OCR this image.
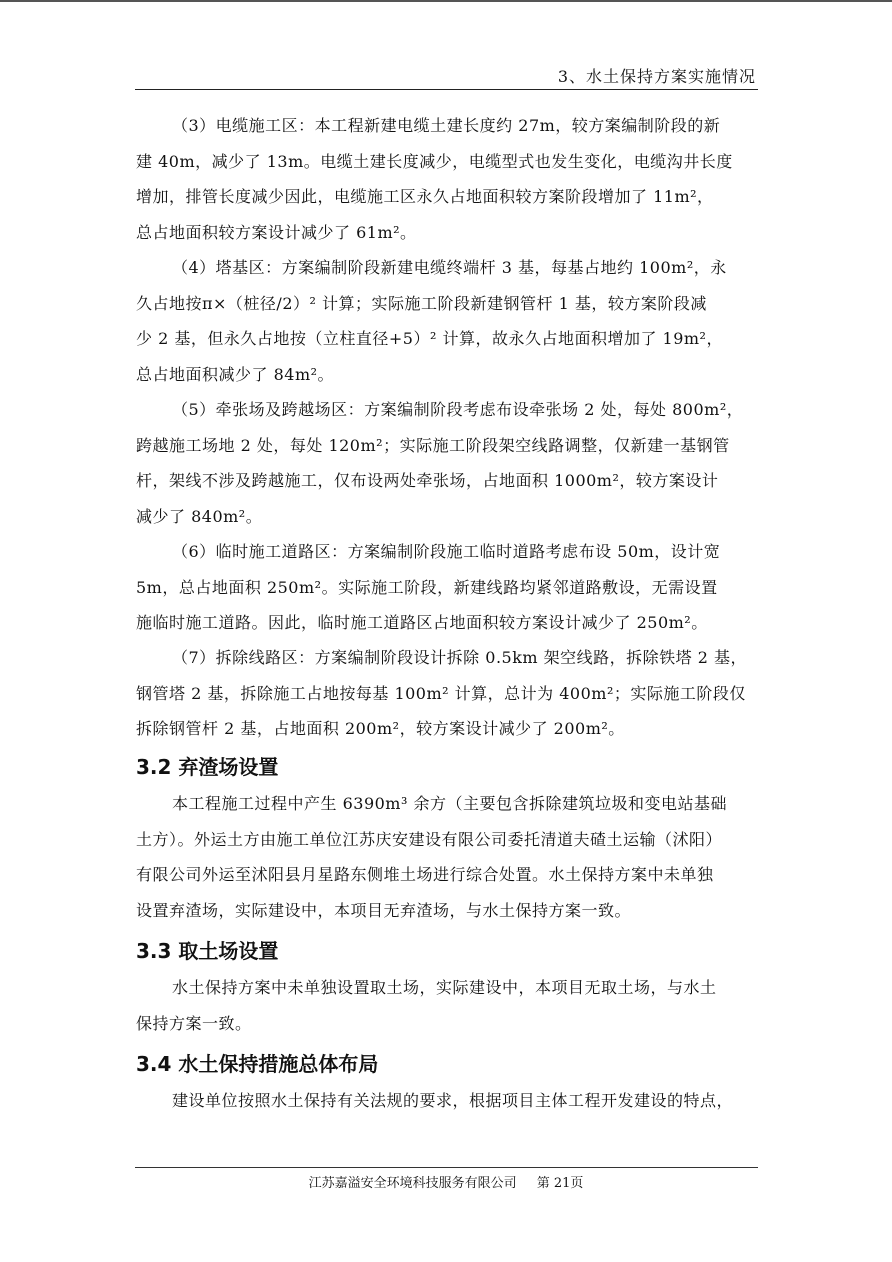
3、水土保持方案实施情况
（3）电缆施工区：本工程新建电缆土建长度约 27m，较方案编制阶段的新
建 40m，减少了 13m。电缆土建长度减少，电缆型式也发生变化，电缆沟井长度
增加，排管长度减少因此，电缆施工区永久占地面积较方案阶段增加了 11m²，
总占地面积较方案设计减少了 61m²。
（4）塔基区：方案编制阶段新建电缆终端杆 3 基，每基占地约 100m²，永
久占地按π×（桩径/2）² 计算；实际施工阶段新建钢管杆 1 基，较方案阶段减
少 2 基，但永久占地按（立柱直径+5）² 计算，故永久占地面积增加了 19m²，
总占地面积减少了 84m²。
（5）牵张场及跨越场区：方案编制阶段考虑布设牵张场 2 处，每处 800m²，
跨越施工场地 2 处，每处 120m²；实际施工阶段架空线路调整，仅新建一基钢管
杆，架线不涉及跨越施工，仅布设两处牵张场，占地面积 1000m²，较方案设计
减少了 840m²。
（6）临时施工道路区：方案编制阶段施工临时道路考虑布设 50m，设计宽
5m，总占地面积 250m²。实际施工阶段，新建线路均紧邻道路敷设，无需设置
施临时施工道路。因此，临时施工道路区占地面积较方案设计减少了 250m²。
（7）拆除线路区：方案编制阶段设计拆除 0.5km 架空线路，拆除铁塔 2 基，
钢管塔 2 基，拆除施工占地按每基 100m² 计算，总计为 400m²；实际施工阶段仅
拆除钢管杆 2 基，占地面积 200m²，较方案设计减少了 200m²。
3.2 弃渣场设置
本工程施工过程中产生 6390m³ 余方（主要包含拆除建筑垃圾和变电站基础
土方）。外运土方由施工单位江苏庆安建设有限公司委托清道夫碴土运输（沭阳）
有限公司外运至沭阳县月星路东侧堆土场进行综合处置。水土保持方案中未单独
设置弃渣场，实际建设中，本项目无弃渣场，与水土保持方案一致。
3.3 取土场设置
水土保持方案中未单独设置取土场，实际建设中，本项目无取土场，与水土
保持方案一致。
3.4 水土保持措施总体布局
建设单位按照水土保持有关法规的要求，根据项目主体工程开发建设的特点，
江苏嘉溢安全环境科技服务有限公司 第 21页
